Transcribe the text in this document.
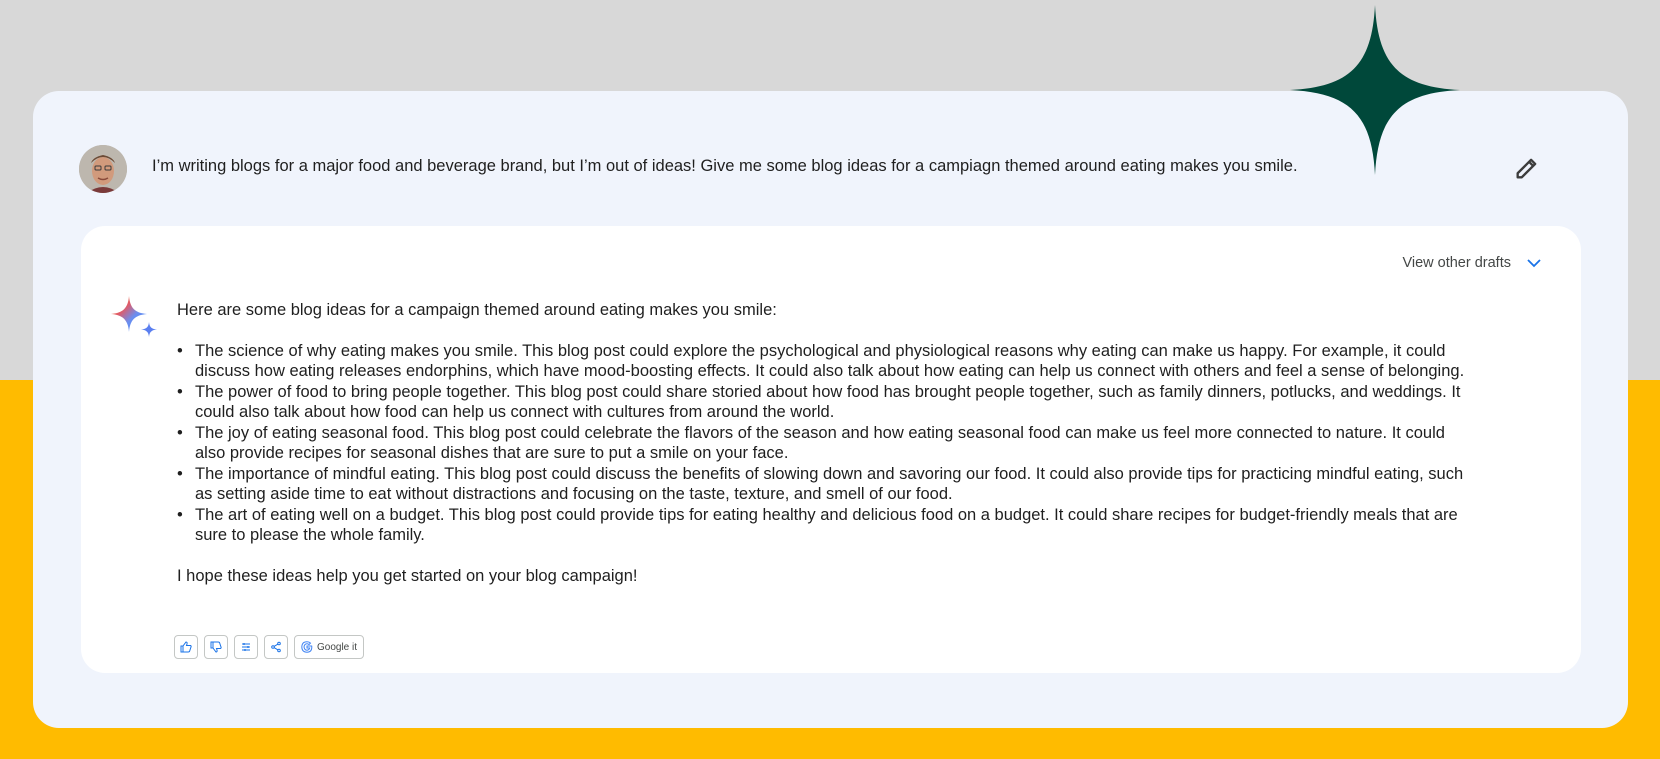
I’m writing blogs for a major food and beverage brand, but I’m out of ideas! Give me some blog ideas for a campiagn themed around eating makes you smile.
View other drafts

Here are some blog ideas for a campaign themed around eating makes you smile:

• The science of why eating makes you smile. This blog post could explore the psychological and physiological reasons why eating can make us happy. For example, it could discuss how eating releases endorphins, which have mood-boosting effects. It could also talk about how eating can help us connect with others and feel a sense of belonging.
• The power of food to bring people together. This blog post could share storied about how food has brought people together, such as family dinners, potlucks, and weddings. It could also talk about how food can help us connect with cultures from around the world.
• The joy of eating seasonal food. This blog post could celebrate the flavors of the season and how eating seasonal food can make us feel more connected to nature. It could also provide recipes for seasonal dishes that are sure to put a smile on your face.
• The importance of mindful eating. This blog post could discuss the benefits of slowing down and savoring our food. It could also provide tips for practicing mindful eating, such as setting aside time to eat without distractions and focusing on the taste, texture, and smell of our food.
• The art of eating well on a budget. This blog post could provide tips for eating healthy and delicious food on a budget. It could share recipes for budget-friendly meals that are sure to please the whole family.

I hope these ideas help you get started on your blog campaign!

Google it
